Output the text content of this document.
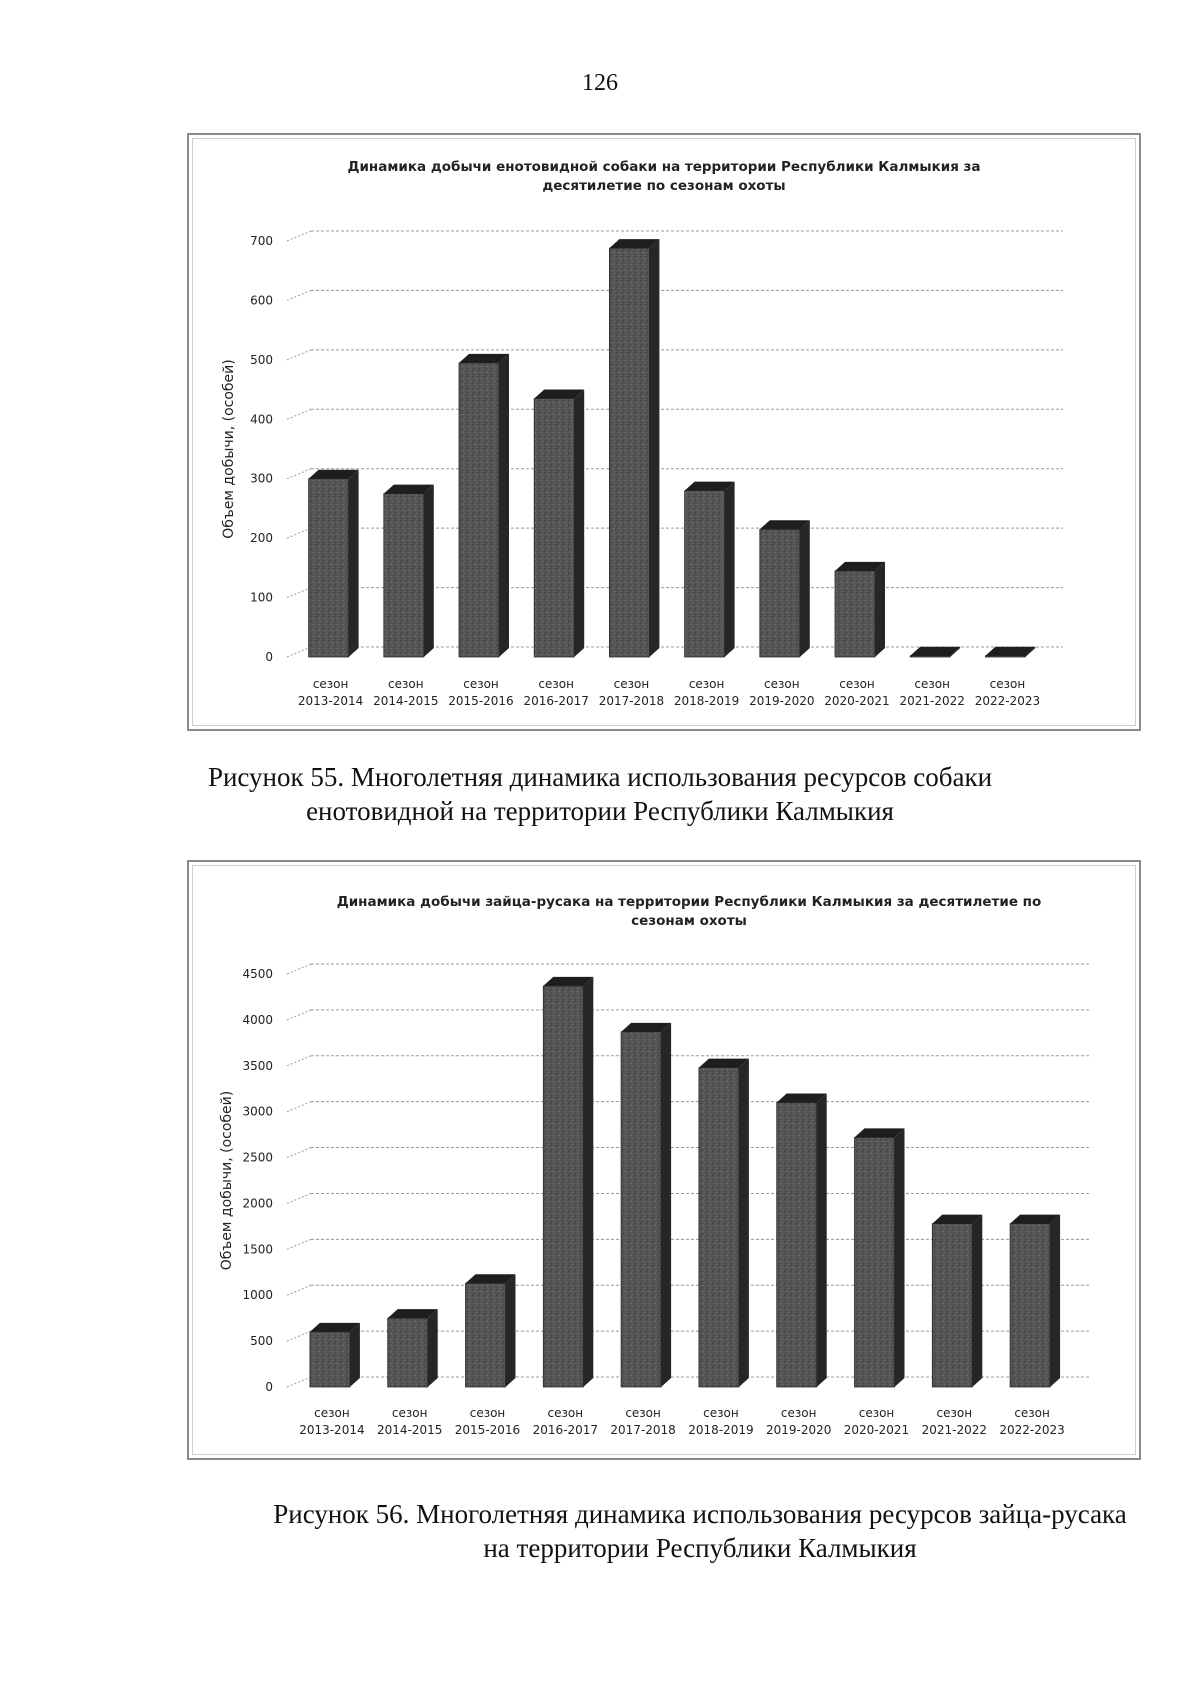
126
Динамика добычи енотовидной собаки на территории Республики Калмыкия за
десятилетие по сезонам охоты
0
100
200
300
400
500
600
700
Объем добычи, (особей)
сезон
2013-2014
сезон
2014-2015
сезон
2015-2016
сезон
2016-2017
сезон
2017-2018
сезон
2018-2019
сезон
2019-2020
сезон
2020-2021
сезон
2021-2022
сезон
2022-2023
Рисунок 55. Многолетняя динамика использования ресурсов собаки енотовидной на территории Республики Калмыкия
Динамика добычи зайца-русака на территории Республики Калмыкия за десятилетие по
сезонам охоты
0
500
1000
1500
2000
2500
3000
3500
4000
4500
Объем добычи, (особей)
сезон
2013-2014
сезон
2014-2015
сезон
2015-2016
сезон
2016-2017
сезон
2017-2018
сезон
2018-2019
сезон
2019-2020
сезон
2020-2021
сезон
2021-2022
сезон
2022-2023
Рисунок 56. Многолетняя динамика использования ресурсов зайца-русака на территории Республики Калмыкия
